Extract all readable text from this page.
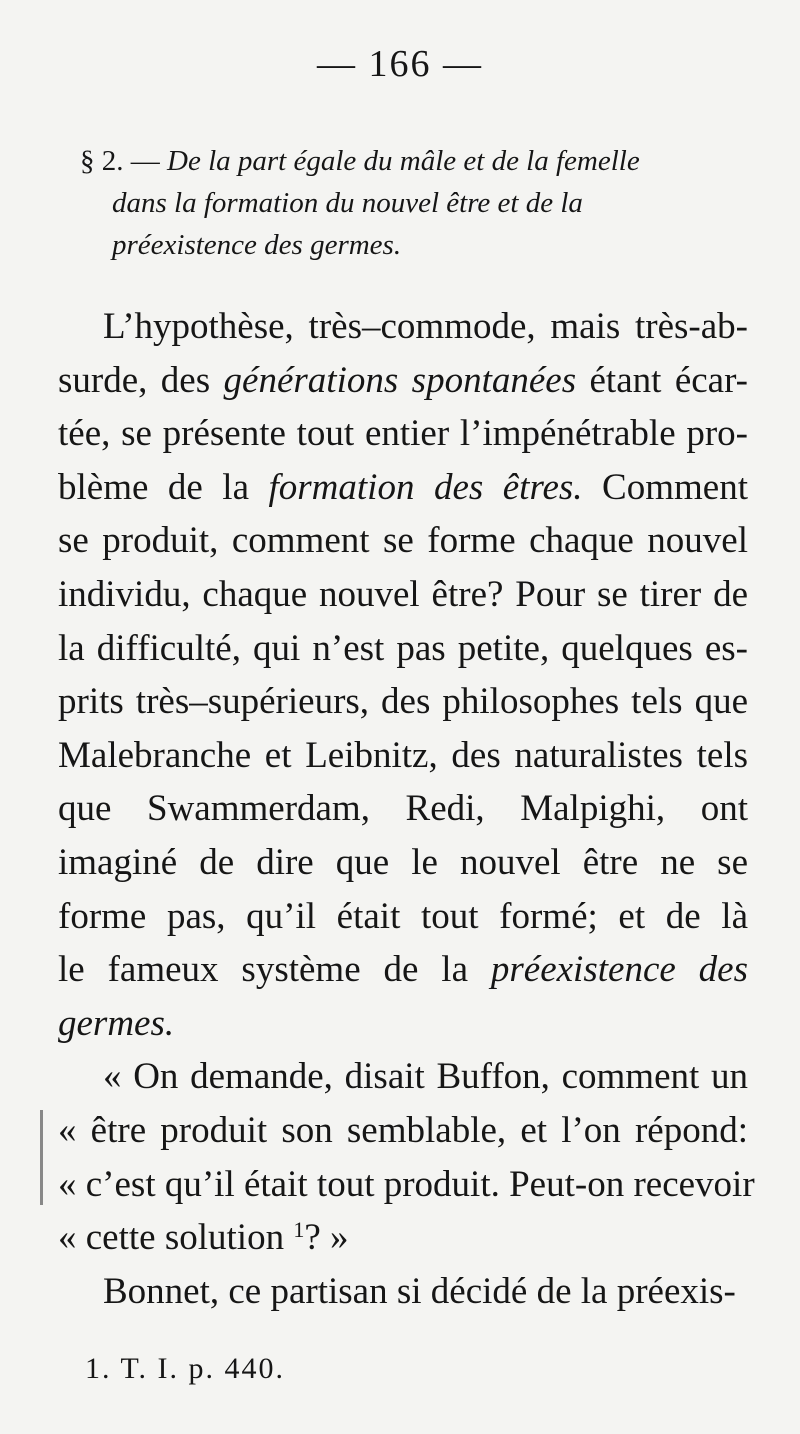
— 166 —
§ 2. — De la part égale du mâle et de la femelle
dans la formation du nouvel être et de la
préexistence des germes.
L’hypothèse, très–commode, mais très-ab-
surde, des générations spontanées étant écar-
tée, se présente tout entier l’impénétrable pro-
blème de la formation des êtres. Comment
se produit, comment se forme chaque nouvel
individu, chaque nouvel être? Pour se tirer de
la difficulté, qui n’est pas petite, quelques es-
prits très–supérieurs, des philosophes tels que
Malebranche et Leibnitz, des naturalistes tels
que Swammerdam, Redi, Malpighi, ont
imaginé de dire que le nouvel être ne se
forme pas, qu’il était tout formé; et de là
le fameux système de la préexistence des
germes.
« On demande, disait Buffon, comment un
« être produit son semblable, et l’on répond:
« c’est qu’il était tout produit. Peut-on recevoir
« cette solution $^1$? »
Bonnet, ce partisan si décidé de la préexis-
1. T. I. p. 440.
